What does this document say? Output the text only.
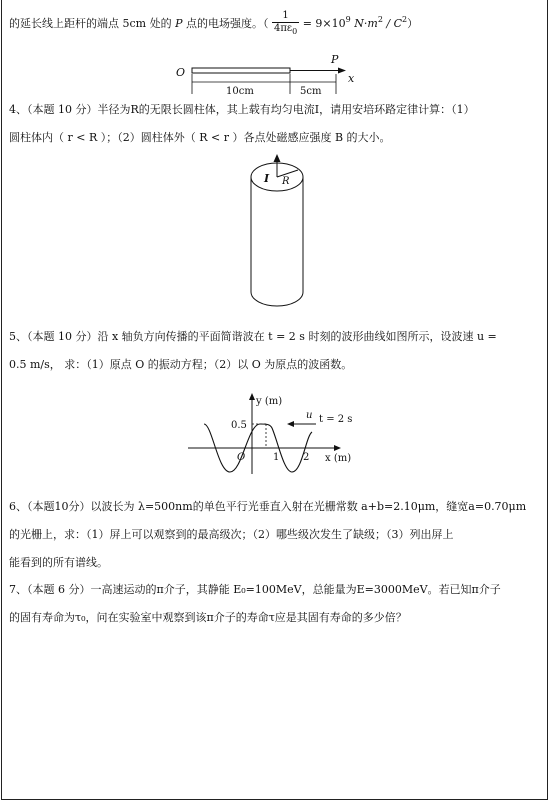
的延长线上距杆的端点 5cm 处的 P 点的电场强度。（ $\frac{1}{4\pi\varepsilon_0} = 9\times 10^9$ $N\cdot m^2 / C^2$）
O
P
x
10cm	5cm
4、（本题 10 分）半径为R的无限长圆柱体，其上载有均匀电流I，请用安培环路定律计算：（1）
圆柱体内（ r < R ）；（2）圆柱体外（ R < r ）各点处磁感应强度 B 的大小。
I R
5、（本题 10 分）沿 x 轴负方向传播的平面简谐波在 t = 2 s 时刻的波形曲线如图所示，设波速 u =
0.5 m/s， 求：（1）原点 O 的振动方程；（2）以 O 为原点的波函数。
y (m)
x (m)
0.5
O	1 2
u t = 2 s
6、（本题10分）以波长为 λ=500nm的单色平行光垂直入射在光栅常数 a+b=2.10μm，缝宽a=0.70μm
的光栅上，求：（1）屏上可以观察到的最高级次；（2）哪些级次发生了缺级；（3）列出屏上
能看到的所有谱线。
7、（本题 6 分）一高速运动的π介子，其静能 E₀=100MeV，总能量为E=3000MeV。若已知π介子
的固有寿命为τ₀，问在实验室中观察到该π介子的寿命τ应是其固有寿命的多少倍？
